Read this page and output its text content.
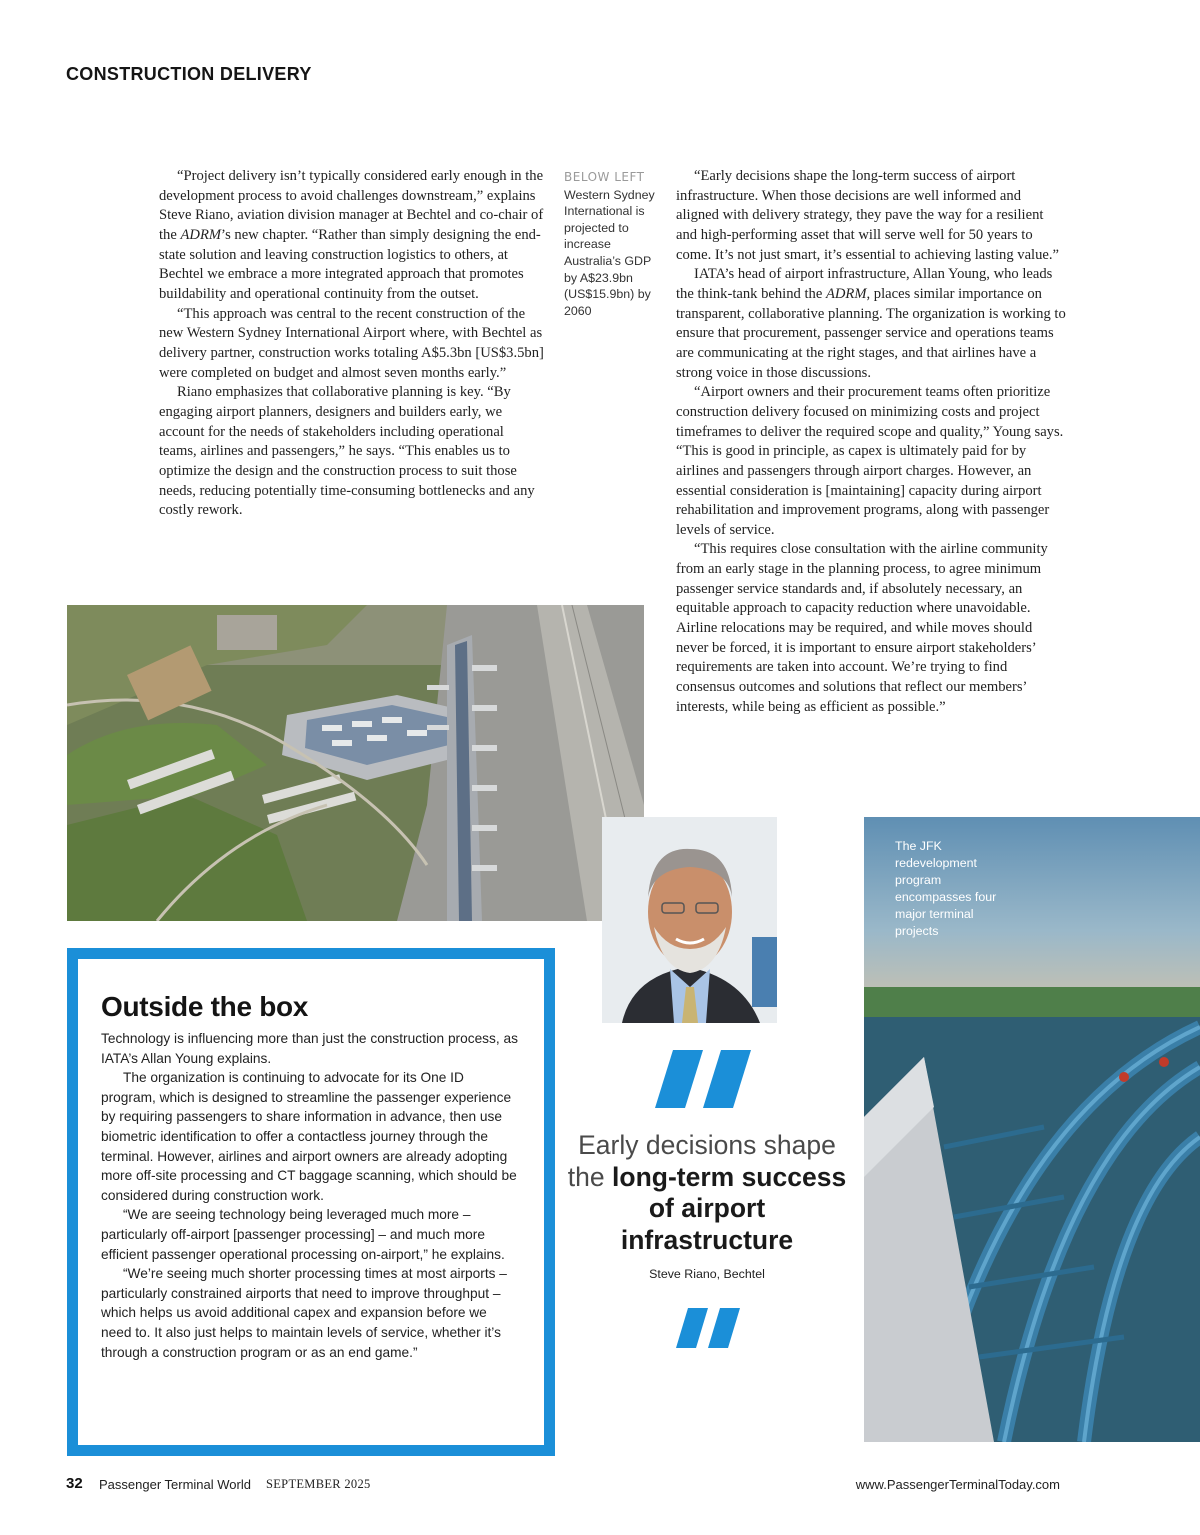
CONSTRUCTION DELIVERY

“Project delivery isn’t typically considered early enough in the development process to avoid challenges downstream,” explains Steve Riano, aviation division manager at Bechtel and co-chair of the ADRM’s new chapter. “Rather than simply designing the end-state solution and leaving construction logistics to others, at Bechtel we embrace a more integrated approach that promotes buildability and operational continuity from the outset.

“This approach was central to the recent construction of the new Western Sydney International Airport where, with Bechtel as delivery partner, construction works totaling A$5.3bn [US$3.5bn] were completed on budget and almost seven months early.”

Riano emphasizes that collaborative planning is key. “By engaging airport planners, designers and builders early, we account for the needs of stakeholders including operational teams, airlines and passengers,” he says. “This enables us to optimize the design and the construction process to suit those needs, reducing potentially time-consuming bottlenecks and any costly rework.

BELOW LEFT
Western Sydney International is projected to increase Australia’s GDP by A$23.9bn (US$15.9bn) by 2060

“Early decisions shape the long-term success of airport infrastructure. When those decisions are well informed and aligned with delivery strategy, they pave the way for a resilient and high-performing asset that will serve well for 50 years to come. It’s not just smart, it’s essential to achieving lasting value.”

IATA’s head of airport infrastructure, Allan Young, who leads the think-tank behind the ADRM, places similar importance on transparent, collaborative planning. The organization is working to ensure that procurement, passenger service and operations teams are communicating at the right stages, and that airlines have a strong voice in those discussions.

“Airport owners and their procurement teams often prioritize construction delivery focused on minimizing costs and project timeframes to deliver the required scope and quality,” Young says. “This is good in principle, as capex is ultimately paid for by airlines and passengers through airport charges. However, an essential consideration is [maintaining] capacity during airport rehabilitation and improvement programs, along with passenger levels of service.

“This requires close consultation with the airline community from an early stage in the planning process, to agree minimum passenger service standards and, if absolutely necessary, an equitable approach to capacity reduction where unavoidable. Airline relocations may be required, and while moves should never be forced, it is important to ensure airport stakeholders’ requirements are taken into account. We’re trying to find consensus outcomes and solutions that reflect our members’ interests, while being as efficient as possible.”

The JFK redevelopment program encompasses four major terminal projects
Outside the box

Technology is influencing more than just the construction process, as IATA’s Allan Young explains.

The organization is continuing to advocate for its One ID program, which is designed to streamline the passenger experience by requiring passengers to share information in advance, then use biometric identification to offer a contactless journey through the terminal. However, airlines and airport owners are already adopting more off-site processing and CT baggage scanning, which should be considered during construction work.

“We are seeing technology being leveraged much more – particularly off-airport [passenger processing] – and much more efficient passenger operational processing on-airport,” he explains.

“We’re seeing much shorter processing times at most airports – particularly constrained airports that need to improve throughput – which helps us avoid additional capex and expansion before we need to. It also just helps to maintain levels of service, whether it’s through a construction program or as an end game.”

Early decisions shape the long-term success of airport infrastructure
Steve Riano, Bechtel
32 Passenger Terminal World SEPTEMBER 2025	www.PassengerTerminalToday.com
